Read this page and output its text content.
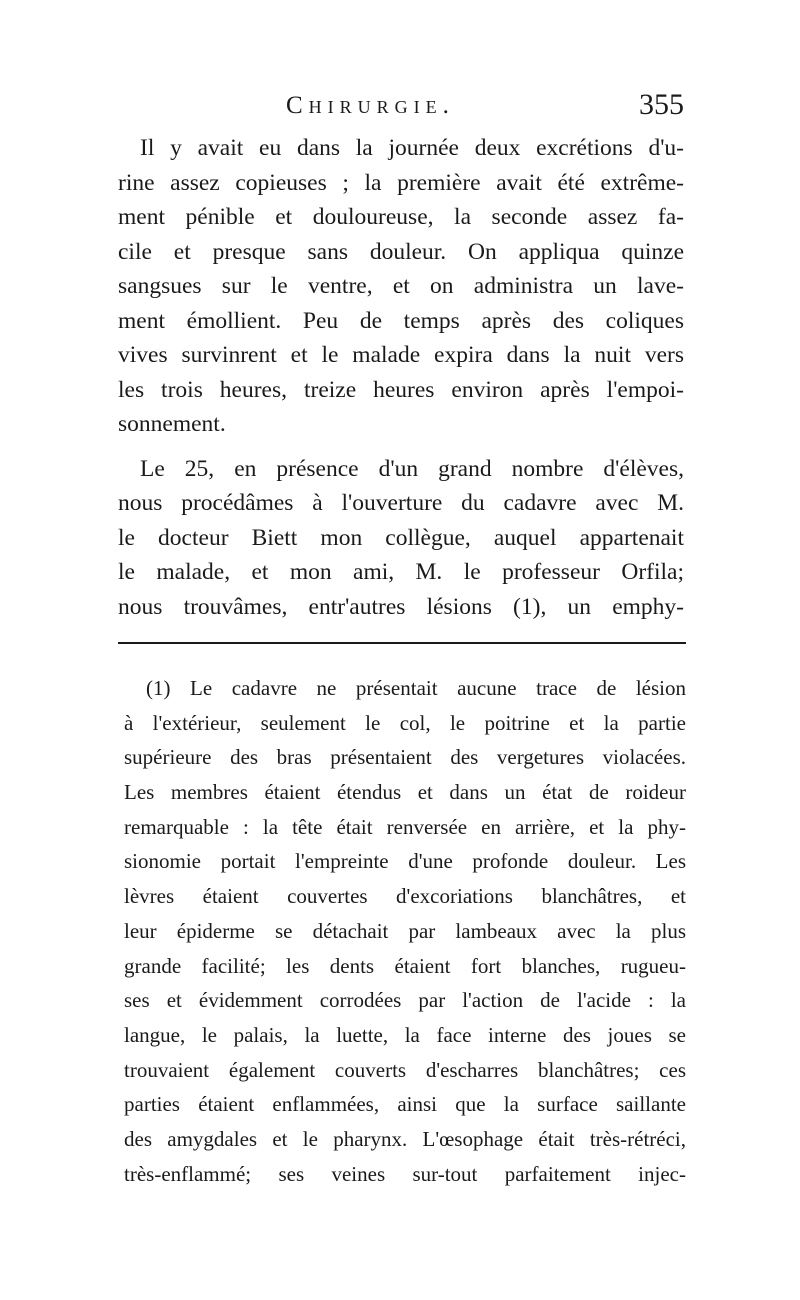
Chirurgie.	355
Il y avait eu dans la journée deux excrétions d'u-
rine assez copieuses ; la première avait été extrême-
ment pénible et douloureuse, la seconde assez fa-
cile et presque sans douleur. On appliqua quinze
sangsues sur le ventre, et on administra un lave-
ment émollient. Peu de temps après des coliques
vives survinrent et le malade expira dans la nuit vers
les trois heures, treize heures environ après l'empoi-
sonnement.
Le 25, en présence d'un grand nombre d'élèves,
nous procédâmes à l'ouverture du cadavre avec M.
le docteur Biett mon collègue, auquel appartenait
le malade, et mon ami, M. le professeur Orfila;
nous trouvâmes, entr'autres lésions (1), un emphy-
(1) Le cadavre ne présentait aucune trace de lésion
à l'extérieur, seulement le col, le poitrine et la partie
supérieure des bras présentaient des vergetures violacées.
Les membres étaient étendus et dans un état de roideur
remarquable : la tête était renversée en arrière, et la phy-
sionomie portait l'empreinte d'une profonde douleur. Les
lèvres étaient couvertes d'excoriations blanchâtres, et
leur épiderme se détachait par lambeaux avec la plus
grande facilité; les dents étaient fort blanches, rugueu-
ses et évidemment corrodées par l'action de l'acide : la
langue, le palais, la luette, la face interne des joues se
trouvaient également couverts d'escharres blanchâtres; ces
parties étaient enflammées, ainsi que la surface saillante
des amygdales et le pharynx. L'œsophage était très-rétréci,
très-enflammé; ses veines sur-tout parfaitement injec-
